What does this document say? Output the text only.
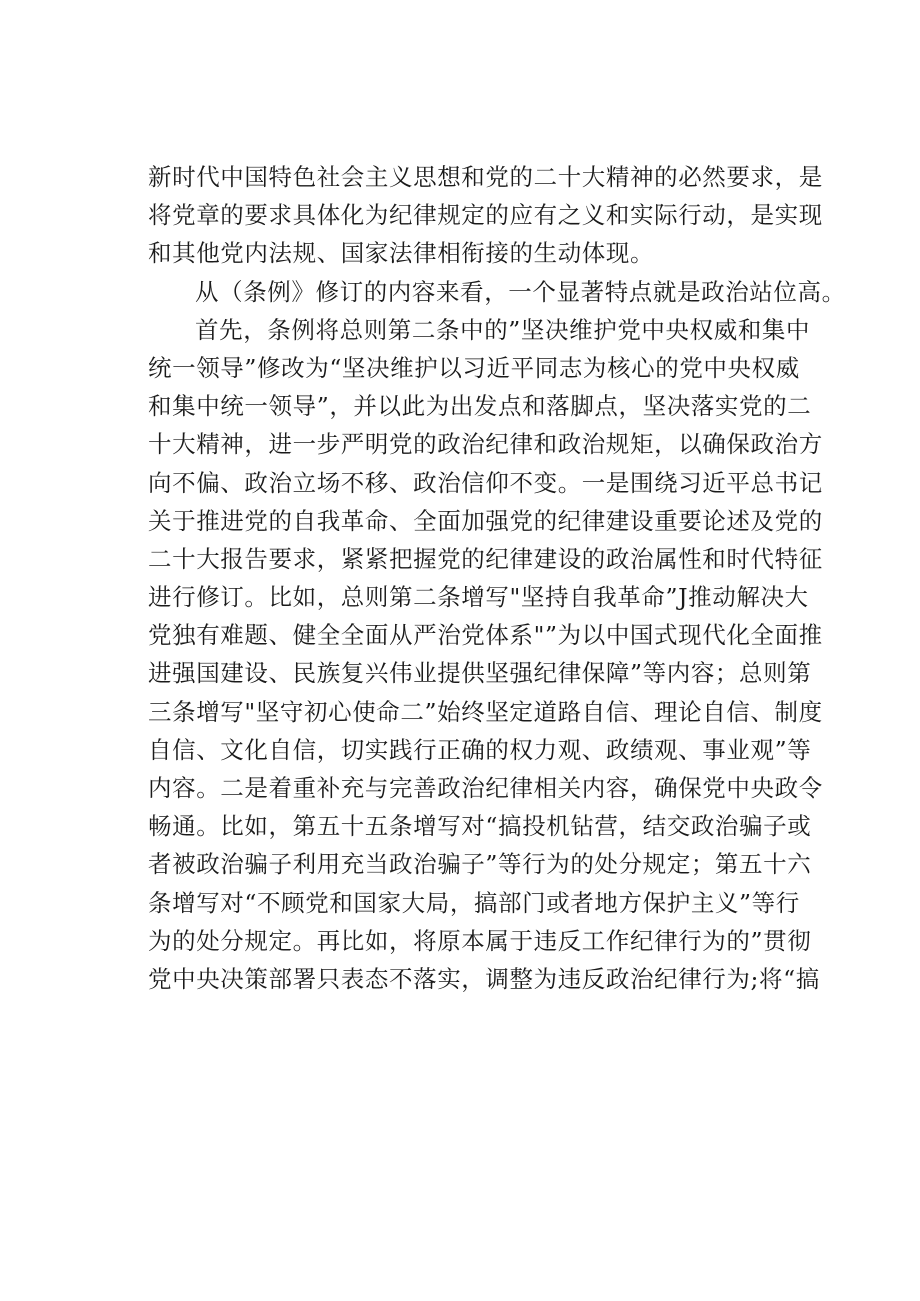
新时代中国特色社会主义思想和党的二十大精神的必然要求，是
将党章的要求具体化为纪律规定的应有之义和实际行动，是实现
和其他党内法规、国家法律相衔接的生动体现。
从（条例》修订的内容来看，一个显著特点就是政治站位高。
首先，条例将总则第二条中的”坚决维护党中央权威和集中
统一领导”修改为“坚决维护以习近平同志为核心的党中央权威
和集中统一领导”，并以此为出发点和落脚点，坚决落实党的二
十大精神，进一步严明党的政治纪律和政治规矩，以确保政治方
向不偏、政治立场不移、政治信仰不变。一是围绕习近平总书记
关于推进党的自我革命、全面加强党的纪律建设重要论述及党的
二十大报告要求，紧紧把握党的纪律建设的政治属性和时代特征
进行修订。比如，总则第二条增写"坚持自我革命”J推动解决大
党独有难题、健全全面从严治党体系"”为以中国式现代化全面推
进强国建设、民族复兴伟业提供坚强纪律保障”等内容；总则第
三条增写"坚守初心使命二”始终坚定道路自信、理论自信、制度
自信、文化自信，切实践行正确的权力观、政绩观、事业观”等
内容。二是着重补充与完善政治纪律相关内容，确保党中央政令
畅通。比如，第五十五条增写对“搞投机钻营，结交政治骗子或
者被政治骗子利用充当政治骗子”等行为的处分规定；第五十六
条增写对“不顾党和国家大局，搞部门或者地方保护主义”等行
为的处分规定。再比如，将原本属于违反工作纪律行为的”贯彻
党中央决策部署只表态不落实，调整为违反政治纪律行为;将“搞
